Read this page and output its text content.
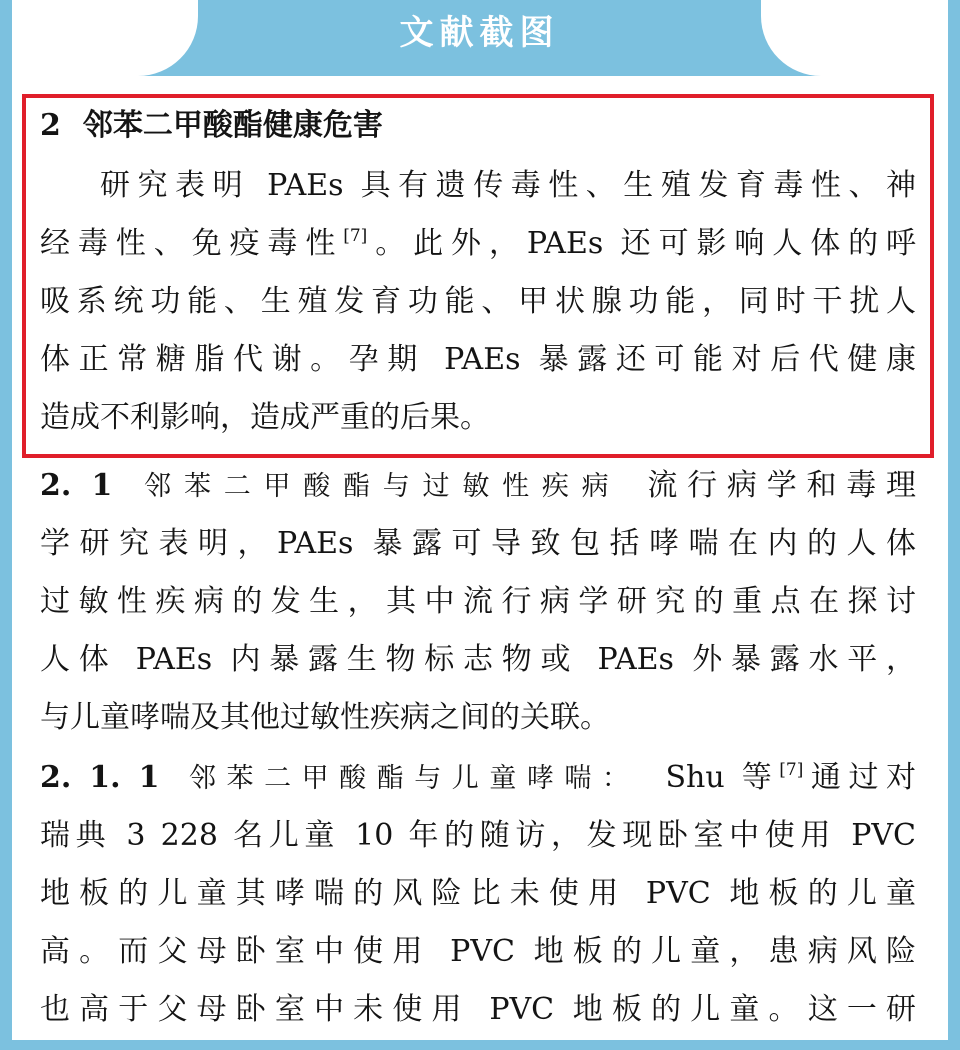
文献截图
2 邻苯二甲酸酯健康危害
研究表明 PAEs 具有遗传毒性、生殖发育毒性、神
经毒性、免疫毒性[7]。此外，PAEs 还可影响人体的呼
吸系统功能、生殖发育功能、甲状腺功能，同时干扰人
体正常糖脂代谢。孕期 PAEs 暴露还可能对后代健康
造成不利影响，造成严重的后果。
2. 1 邻苯二甲酸酯与过敏性疾病 流行病学和毒理
学研究表明，PAEs 暴露可导致包括哮喘在内的人体
过敏性疾病的发生，其中流行病学研究的重点在探讨
人体 PAEs 内暴露生物标志物或 PAEs 外暴露水平，
与儿童哮喘及其他过敏性疾病之间的关联。
2. 1. 1 邻苯二甲酸酯与儿童哮喘： Shu 等[7]通过对
瑞典 3 228 名儿童 10 年的随访，发现卧室中使用 PVC
地板的儿童其哮喘的风险比未使用 PVC 地板的儿童
高。而父母卧室中使用 PVC 地板的儿童，患病风险
也高于父母卧室中未使用 PVC 地板的儿童。这一研
